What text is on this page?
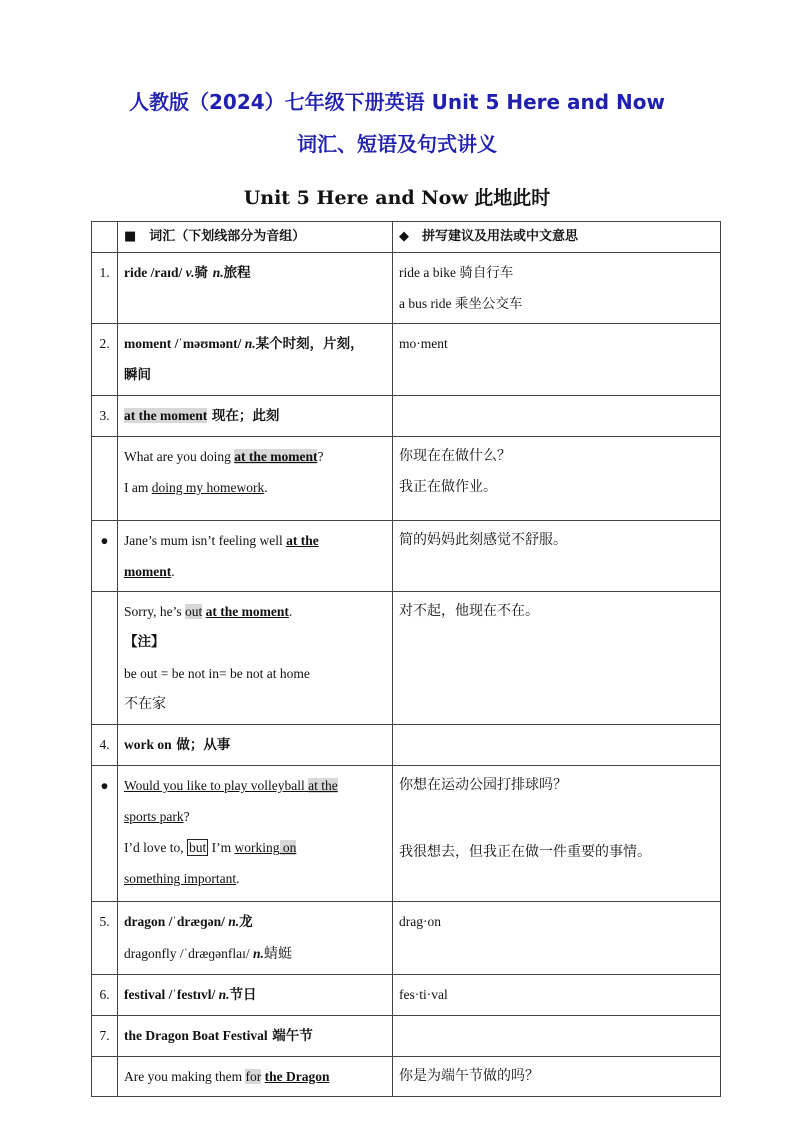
人教版（2024）七年级下册英语 Unit 5 Here and Now
词汇、短语及句式讲义
Unit 5 Here and Now 此地此时
	■　词汇（下划线部分为音组）	◆　拼写建议及用法或中文意思
1.	ride /raɪd/ v.骑 n.旅程	ride a bike 骑自行车
a bus ride 乘坐公交车

2.	moment /ˈməʊmənt/ n.某个时刻，片刻，
瞬间	mo·ment
3.	at the moment 现在；此刻	

	What are you doing at the moment?
I am doing my homework.	你现在在做什么？
我正在做作业。

●	Jane’s mum isn’t feeling well at the
moment.	简的妈妈此刻感觉不舒服。

	Sorry, he’s out at the moment.
【注】
be out = be not in= be not at home
不在家	对不起，他现在不在。
4.	work on 做；从事	
●	Would you like to play volleyball at the
sports park?
I’d love to, but I’m working on
something important.	你想在运动公园打排球吗？
我很想去，但我正在做一件重要的事情。

5.	dragon /ˈdræɡən/ n.龙
dragonfly /ˈdræɡənflaɪ/ n.蜻蜓	drag·on
6.	festival /ˈfestɪvl/ n.节日	fes·ti·val
7.	the Dragon Boat Festival 端午节	
	Are you making them for the Dragon	你是为端午节做的吗？
